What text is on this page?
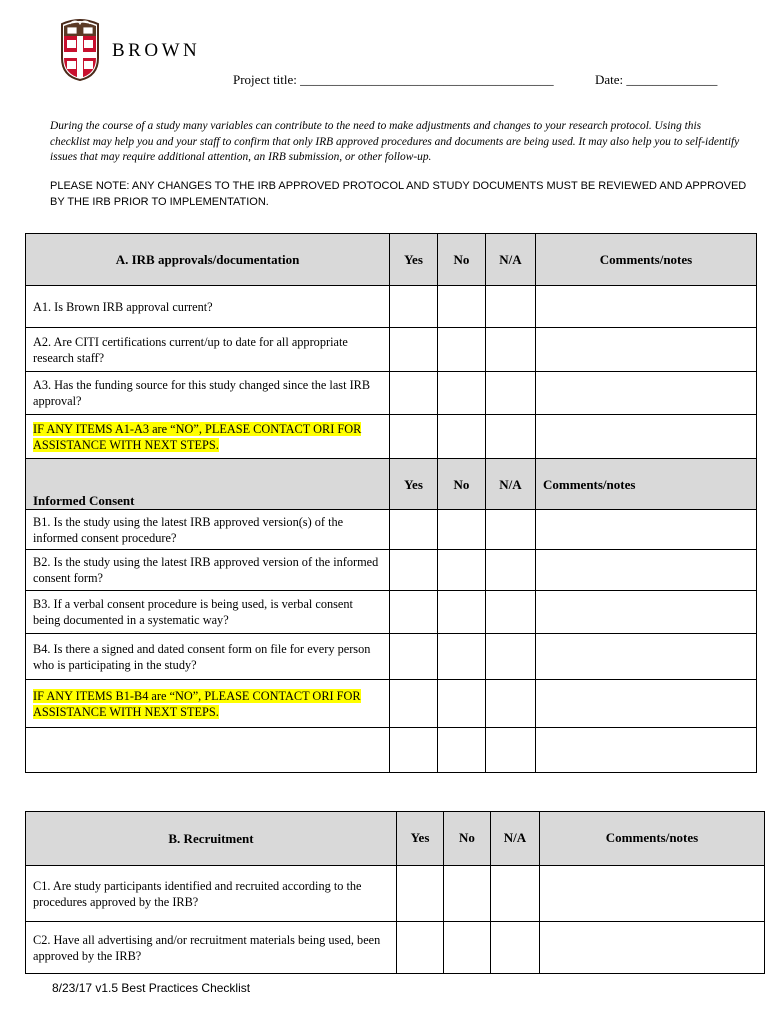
BROWN
Project title: _______________________________________	Date: ______________
During the course of a study many variables can contribute to the need to make adjustments and changes to your research protocol. Using this checklist may help you and your staff to confirm that only IRB approved procedures and documents are being used. It may also help you to self-identify issues that may require additional attention, an IRB submission, or other follow-up.
PLEASE NOTE: ANY CHANGES TO THE IRB APPROVED PROTOCOL AND STUDY DOCUMENTS MUST BE REVIEWED AND APPROVED BY THE IRB PRIOR TO IMPLEMENTATION.
A. IRB approvals/documentation	Yes	No	N/A	Comments/notes
A1. Is Brown IRB approval current?				
A2. Are CITI certifications current/up to date for all appropriate research staff?				
A3. Has the funding source for this study changed since the last IRB approval?				
IF ANY ITEMS A1-A3 are “NO”, PLEASE CONTACT ORI FOR ASSISTANCE WITH NEXT STEPS.				
Informed Consent	Yes	No	N/A	Comments/notes
B1. Is the study using the latest IRB approved version(s) of the informed consent procedure?				
B2. Is the study using the latest IRB approved version of the informed consent form?				
B3. If a verbal consent procedure is being used, is verbal consent being documented in a systematic way?				
B4. Is there a signed and dated consent form on file for every person who is participating in the study?				
IF ANY ITEMS B1-B4 are “NO”, PLEASE CONTACT ORI FOR ASSISTANCE WITH NEXT STEPS.				

B. Recruitment	Yes	No	N/A	Comments/notes
C1. Are study participants identified and recruited according to the procedures approved by the IRB?				
C2. Have all advertising and/or recruitment materials being used, been approved by the IRB?				
8/23/17 v1.5 Best Practices Checklist
